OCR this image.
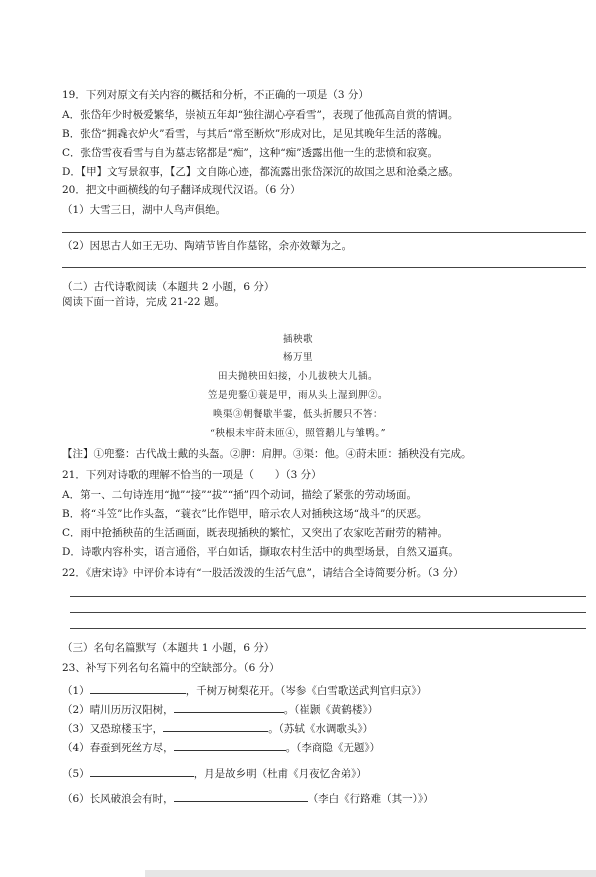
19．下列对原文有关内容的概括和分析，不正确的一项是（3 分）
A．张岱年少时极爱繁华，崇祯五年却“独往湖心亭看雪”，表现了他孤高自赏的情调。
B．张岱“拥毳衣炉火”看雪，与其后“常至断炊”形成对比，足见其晚年生活的落魄。
C．张岱雪夜看雪与自为墓志铭都是“痴”，这种“痴”透露出他一生的悲愤和寂寞。
D．【甲】文写景叙事，【乙】文自陈心迹，都流露出张岱深沉的故国之思和沧桑之感。
20．把文中画横线的句子翻译成现代汉语。（6 分）
（1）大雪三日，湖中人鸟声俱绝。
（2）因思古人如王无功、陶靖节皆自作墓铭，余亦效颦为之。
（二）古代诗歌阅读（本题共 2 小题，6 分）
阅读下面一首诗，完成 21-22 题。
插秧歌
杨万里
田夫抛秧田妇接，小儿拔秧大儿插。
笠是兜鍪①蓑是甲，雨从头上湿到胛②。
唤渠③朝餐歇半霎，低头折腰只不答：
“秧根未牢莳未匝④，照管鹅儿与雏鸭。”
【注】①兜鍪：古代战士戴的头盔。②胛：肩胛。③渠：他。④莳未匝：插秧没有完成。
21．下列对诗歌的理解不恰当的一项是（　　）（3 分）
A．第一、二句诗连用“抛”“接”“拔”“插”四个动词，描绘了紧张的劳动场面。
B．将“斗笠”比作头盔，“蓑衣”比作铠甲，暗示农人对插秧这场“战斗”的厌恶。
C．雨中抢插秧苗的生活画面，既表现插秧的繁忙，又突出了农家吃苦耐劳的精神。
D．诗歌内容朴实，语言通俗，平白如话，撷取农村生活中的典型场景，自然又逼真。
22．《唐宋诗》中评价本诗有“一股活泼泼的生活气息”，请结合全诗简要分析。（3 分）
（三）名句名篇默写（本题共 1 小题，6 分）
23、补写下列名句名篇中的空缺部分。（6 分）
（1）	，千树万树梨花开。（岑参《白雪歌送武判官归京》）
（2）晴川历历汉阳树，	。（崔颢《黄鹤楼》）
（3）又恐琼楼玉宇，	。（苏轼《水调歌头》）
（4）春蚕到死丝方尽，	。（李商隐《无题》）
（5）	，月是故乡明（杜甫《月夜忆舍弟》）
（6）长风破浪会有时，	（李白《行路难（其一）》）
